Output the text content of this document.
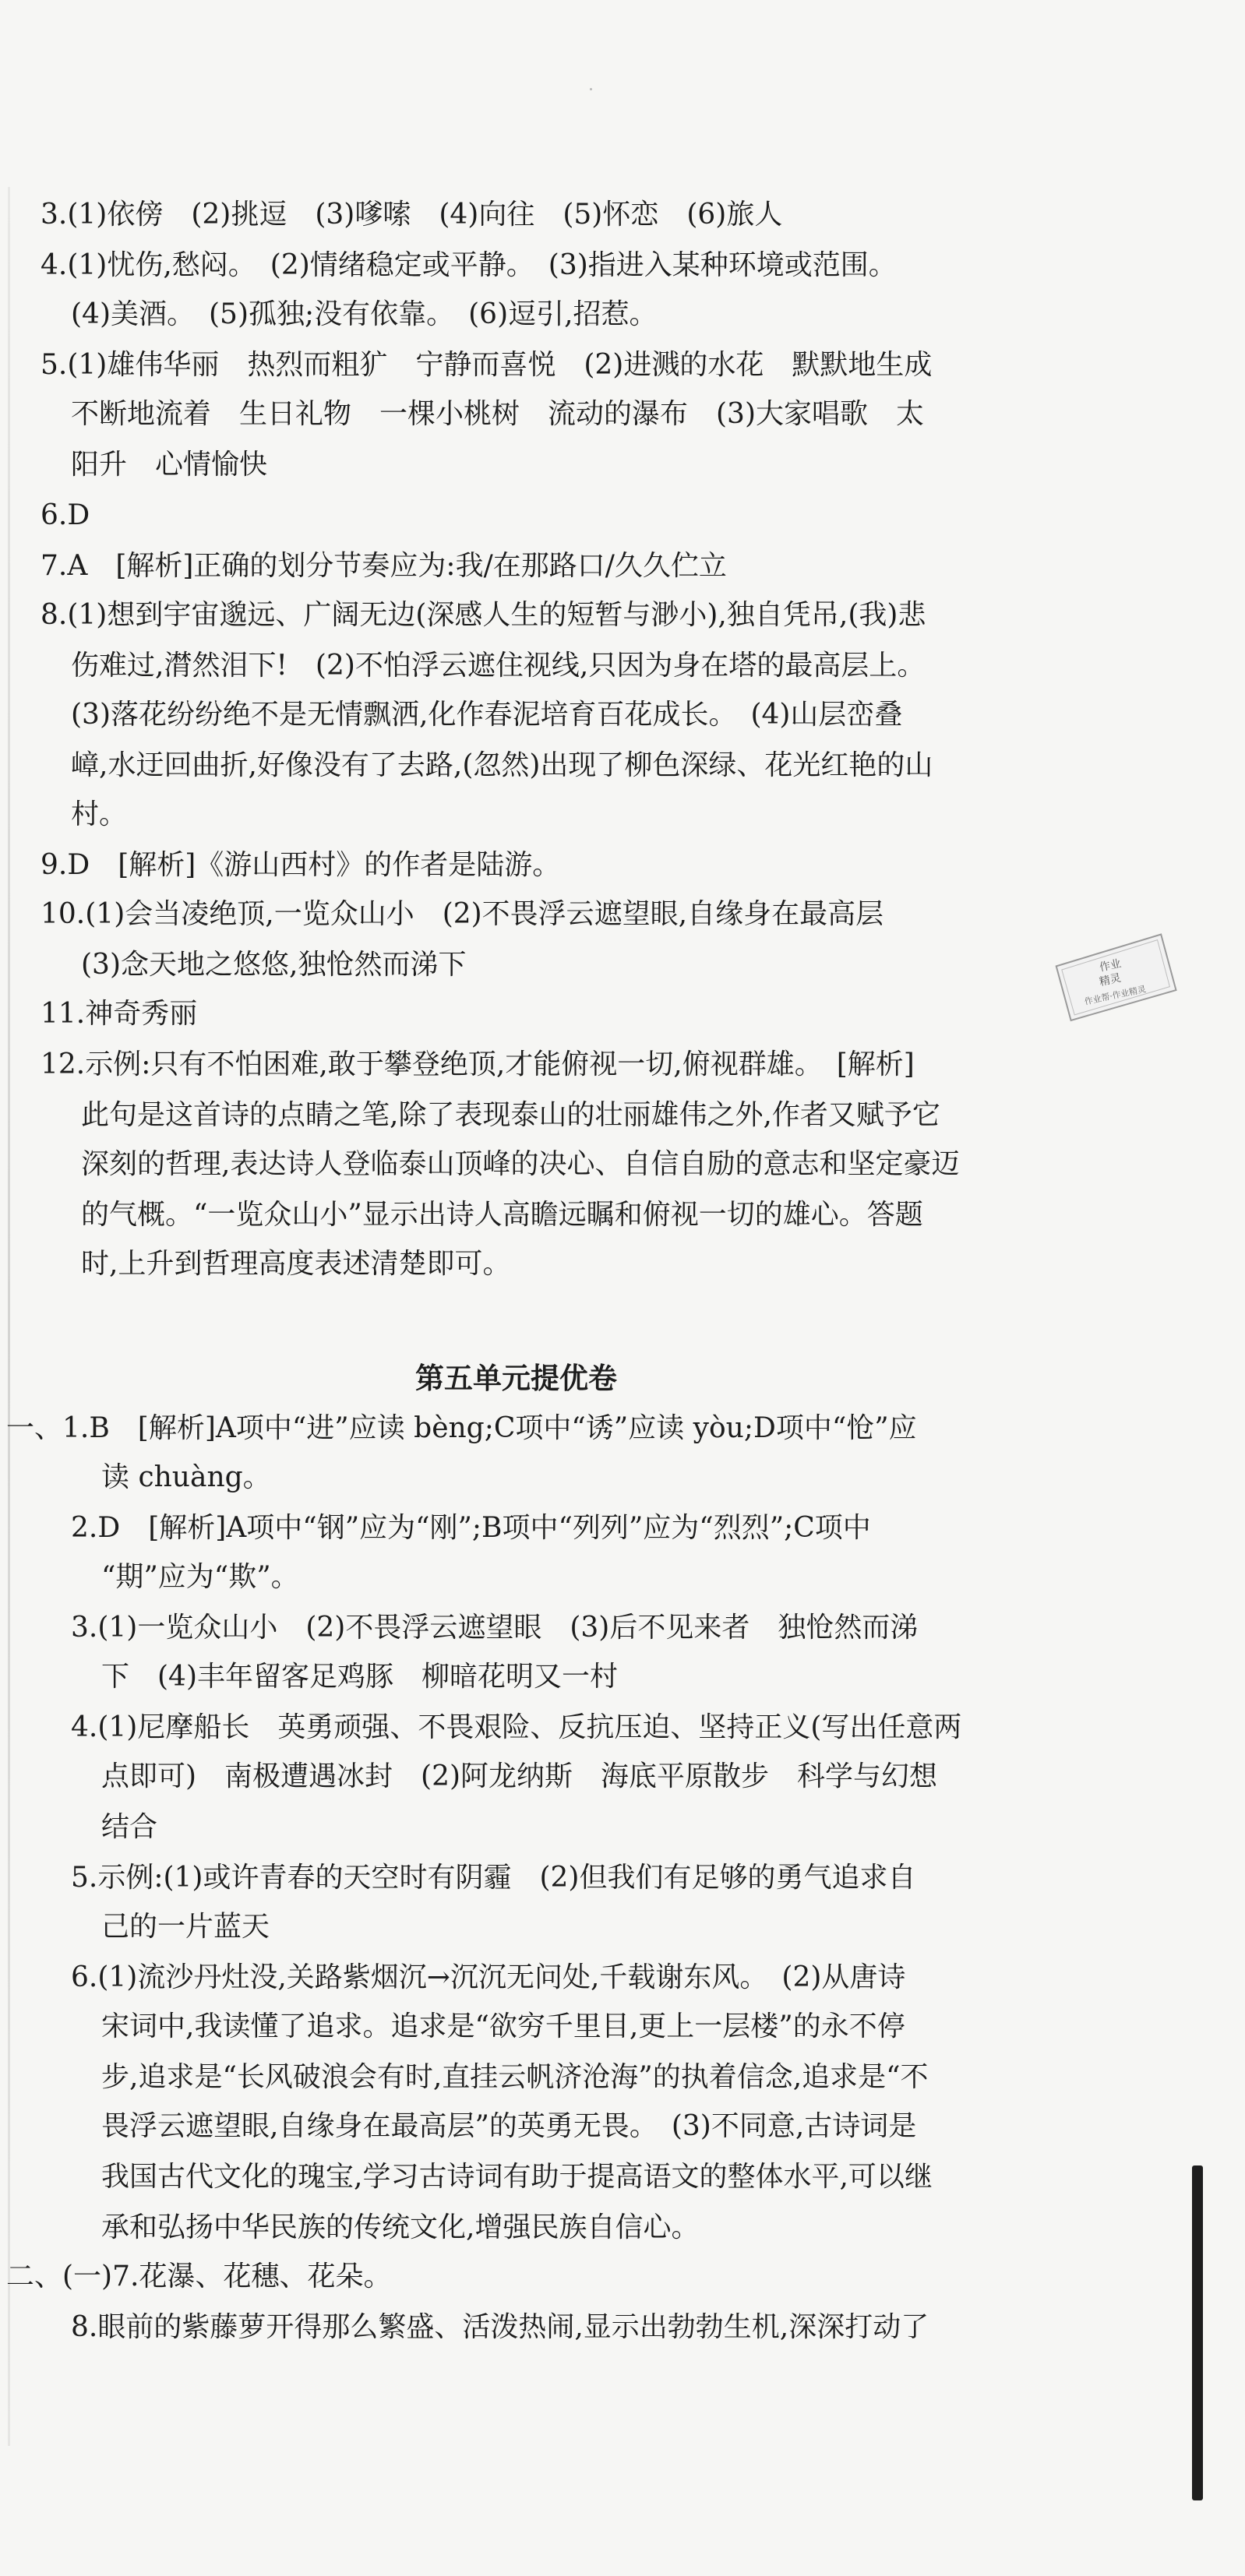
3.(1)依傍　(2)挑逗　(3)嗲嗦　(4)向往　(5)怀恋　(6)旅人
4.(1)忧伤,愁闷。　(2)情绪稳定或平静。　(3)指进入某种环境或范围。
(4)美酒。　(5)孤独;没有依靠。　(6)逗引,招惹。
5.(1)雄伟华丽　热烈而粗犷　宁静而喜悦　(2)进溅的水花　默默地生成
不断地流着　生日礼物　一棵小桃树　流动的瀑布　(3)大家唱歌　太
阳升　心情愉快
6.D
7.A　[解析]正确的划分节奏应为:我/在那路口/久久伫立
8.(1)想到宇宙邈远、广阔无边(深感人生的短暂与渺小),独自凭吊,(我)悲
伤难过,潸然泪下!　(2)不怕浮云遮住视线,只因为身在塔的最高层上。
(3)落花纷纷绝不是无情飘洒,化作春泥培育百花成长。　(4)山层峦叠
嶂,水迂回曲折,好像没有了去路,(忽然)出现了柳色深绿、花光红艳的山
村。
9.D　[解析]《游山西村》的作者是陆游。
10.(1)会当凌绝顶,一览众山小　(2)不畏浮云遮望眼,自缘身在最高层
(3)念天地之悠悠,独怆然而涕下
11.神奇秀丽
12.示例:只有不怕困难,敢于攀登绝顶,才能俯视一切,俯视群雄。　[解析]
此句是这首诗的点睛之笔,除了表现泰山的壮丽雄伟之外,作者又赋予它
深刻的哲理,表达诗人登临泰山顶峰的决心、自信自励的意志和坚定豪迈
的气概。“一览众山小”显示出诗人高瞻远瞩和俯视一切的雄心。答题
时,上升到哲理高度表述清楚即可。
第五单元提优卷
一、1.B　[解析]A项中“进”应读 bèng;C项中“诱”应读 yòu;D项中“怆”应
读 chuàng。
2.D　[解析]A项中“钢”应为“刚”;B项中“列列”应为“烈烈”;C项中
“期”应为“欺”。
3.(1)一览众山小　(2)不畏浮云遮望眼　(3)后不见来者　独怆然而涕
下　(4)丰年留客足鸡豚　柳暗花明又一村
4.(1)尼摩船长　英勇顽强、不畏艰险、反抗压迫、坚持正义(写出任意两
点即可)　南极遭遇冰封　(2)阿龙纳斯　海底平原散步　科学与幻想
结合
5.示例:(1)或许青春的天空时有阴霾　(2)但我们有足够的勇气追求自
己的一片蓝天
6.(1)流沙丹灶没,关路紫烟沉→沉沉无问处,千载谢东风。　(2)从唐诗
宋词中,我读懂了追求。追求是“欲穷千里目,更上一层楼”的永不停
步,追求是“长风破浪会有时,直挂云帆济沧海”的执着信念,追求是“不
畏浮云遮望眼,自缘身在最高层”的英勇无畏。　(3)不同意,古诗词是
我国古代文化的瑰宝,学习古诗词有助于提高语文的整体水平,可以继
承和弘扬中华民族的传统文化,增强民族自信心。
二、(一)7.花瀑、花穗、花朵。
8.眼前的紫藤萝开得那么繁盛、活泼热闹,显示出勃勃生机,深深打动了
作业
精灵
作业帮·作业精灵
